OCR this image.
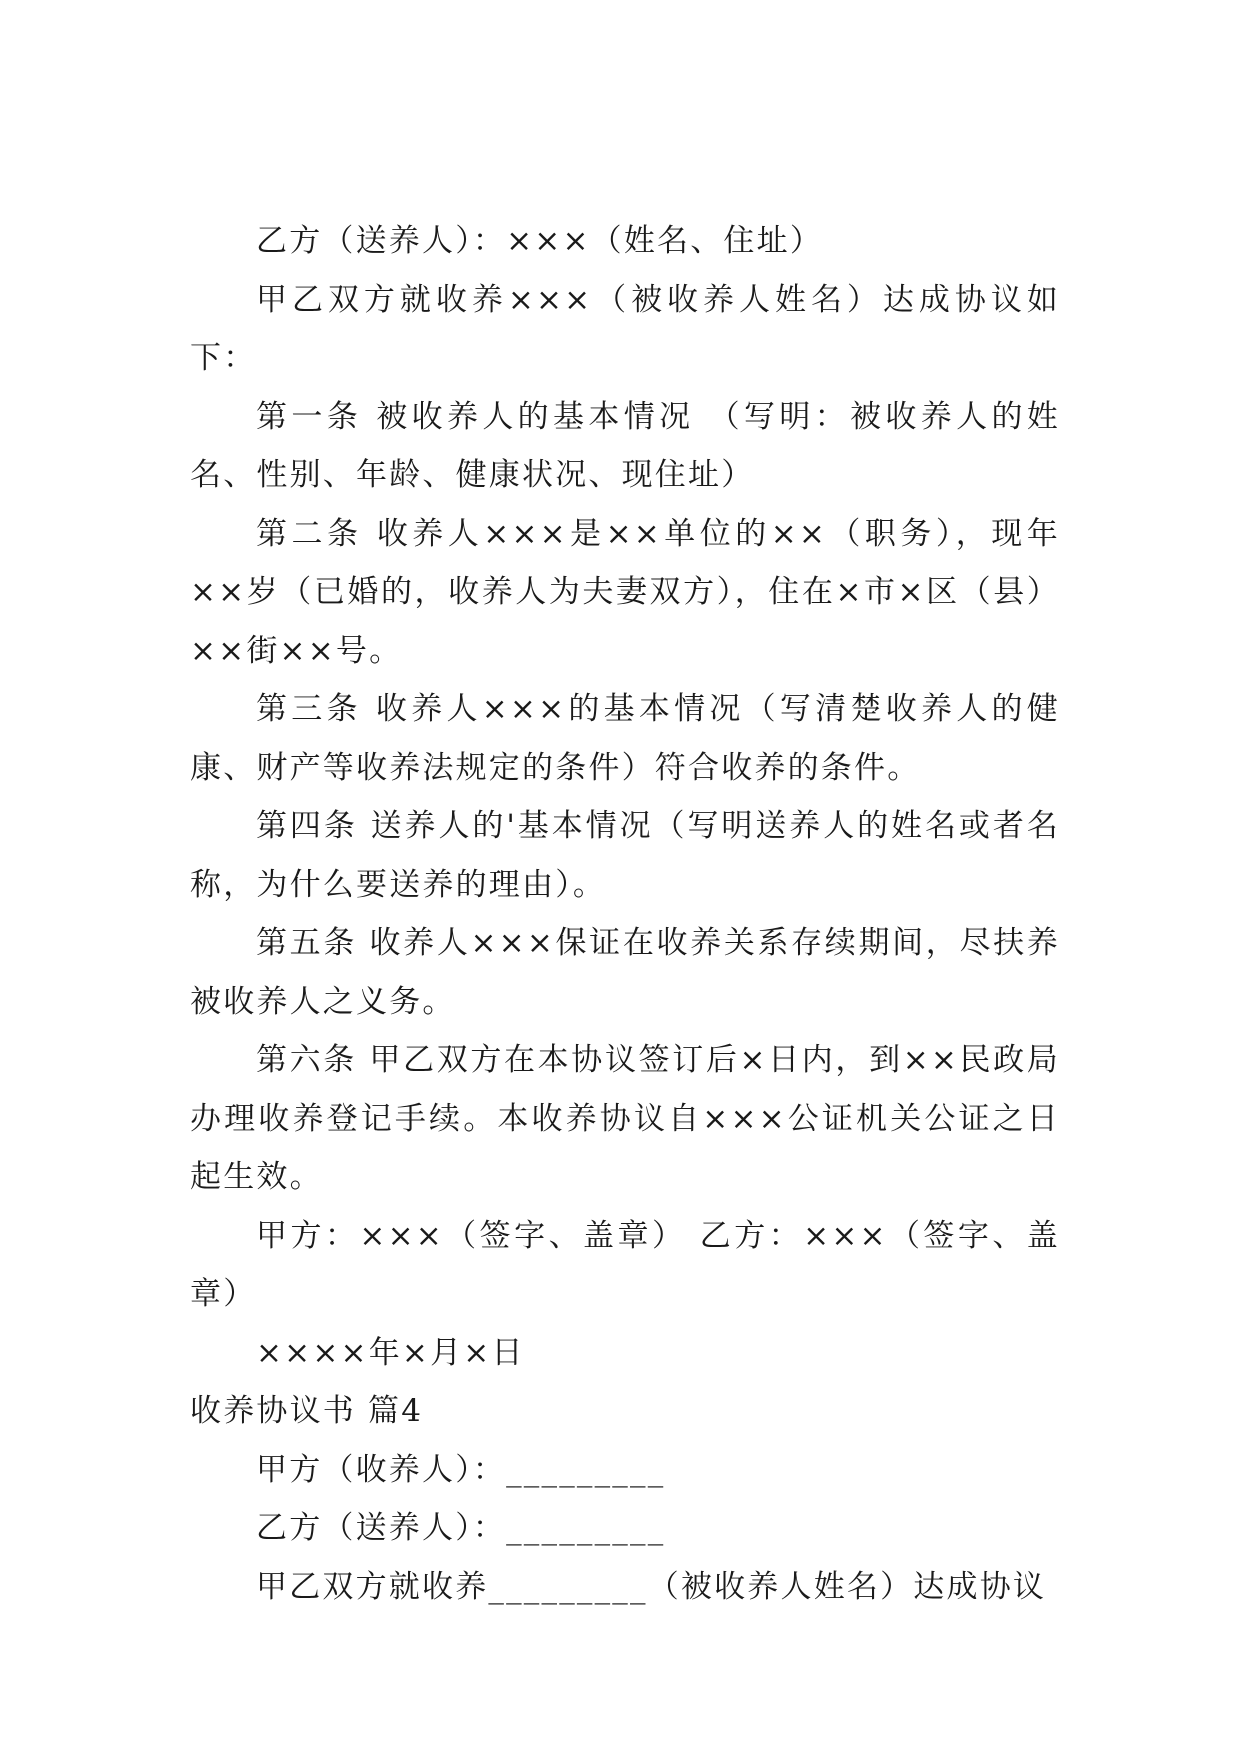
乙方（送养人）：×××（姓名、住址）

甲乙双方就收养×××（被收养人姓名）达成协议如下：

第一条 被收养人的基本情况 （写明：被收养人的姓名、性别、年龄、健康状况、现住址）

第二条 收养人×××是××单位的××（职务），现年××岁（已婚的，收养人为夫妻双方），住在×市×区（县）××街××号。

第三条 收养人×××的基本情况（写清楚收养人的健康、财产等收养法规定的条件）符合收养的条件。

第四条 送养人的'基本情况（写明送养人的姓名或者名称，为什么要送养的理由）。

第五条 收养人×××保证在收养关系存续期间，尽扶养被收养人之义务。

第六条 甲乙双方在本协议签订后×日内，到××民政局办理收养登记手续。本收养协议自×××公证机关公证之日起生效。

甲方：×××（签字、盖章） 乙方：×××（签字、盖章）

××××年×月×日

收养协议书 篇4

甲方（收养人）：_________

乙方（送养人）：_________

甲乙双方就收养_________（被收养人姓名）达成协议
